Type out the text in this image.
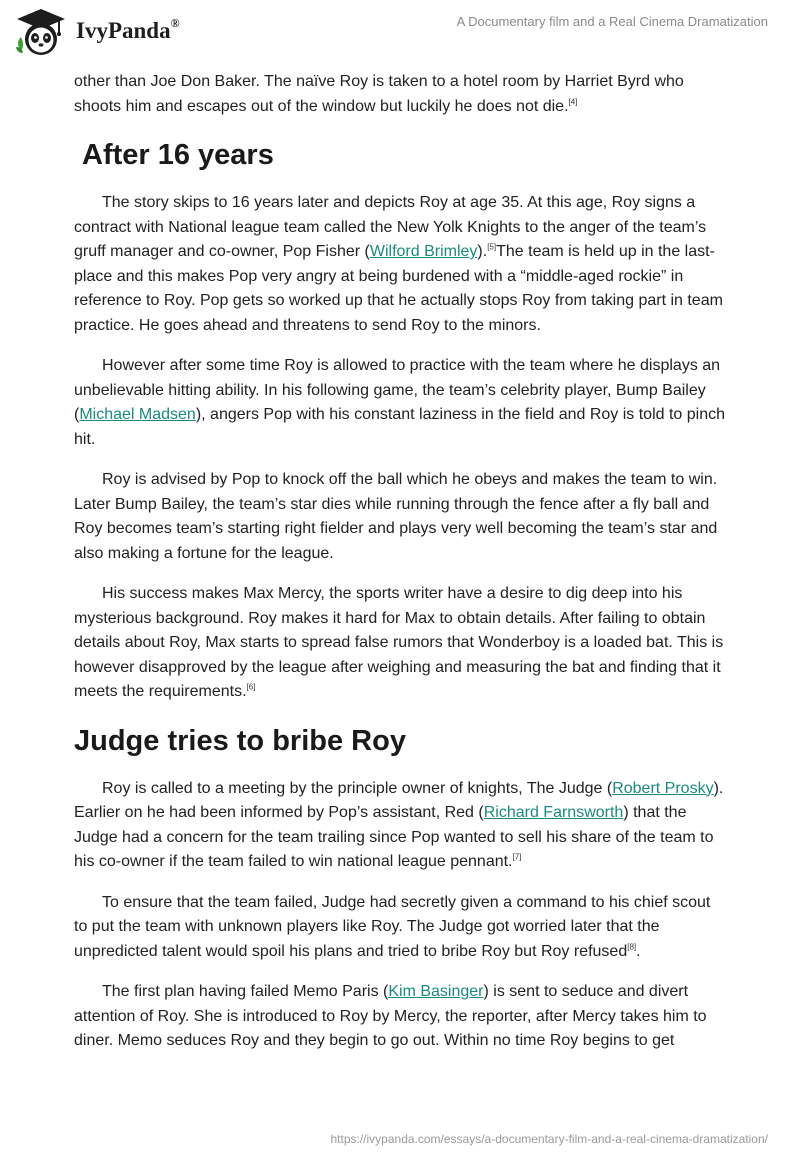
IvyPanda®	A Documentary film and a Real Cinema Dramatization

other than Joe Don Baker. The naïve Roy is taken to a hotel room by Harriet Byrd who shoots him and escapes out of the window but luckily he does not die.[4]

After 16 years

The story skips to 16 years later and depicts Roy at age 35. At this age, Roy signs a contract with National league team called the New Yolk Knights to the anger of the team’s gruff manager and co-owner, Pop Fisher (Wilford Brimley).[5]The team is held up in the last-place and this makes Pop very angry at being burdened with a “middle-aged rockie” in reference to Roy. Pop gets so worked up that he actually stops Roy from taking part in team practice. He goes ahead and threatens to send Roy to the minors.

However after some time Roy is allowed to practice with the team where he displays an unbelievable hitting ability. In his following game, the team’s celebrity player, Bump Bailey (Michael Madsen), angers Pop with his constant laziness in the field and Roy is told to pinch hit.

Roy is advised by Pop to knock off the ball which he obeys and makes the team to win. Later Bump Bailey, the team’s star dies while running through the fence after a fly ball and Roy becomes team’s starting right fielder and plays very well becoming the team’s star and also making a fortune for the league.

His success makes Max Mercy, the sports writer have a desire to dig deep into his mysterious background. Roy makes it hard for Max to obtain details. After failing to obtain details about Roy, Max starts to spread false rumors that Wonderboy is a loaded bat. This is however disapproved by the league after weighing and measuring the bat and finding that it meets the requirements.[6]

Judge tries to bribe Roy

Roy is called to a meeting by the principle owner of knights, The Judge (Robert Prosky). Earlier on he had been informed by Pop’s assistant, Red (Richard Farnsworth) that the Judge had a concern for the team trailing since Pop wanted to sell his share of the team to his co-owner if the team failed to win national league pennant.[7]

To ensure that the team failed, Judge had secretly given a command to his chief scout to put the team with unknown players like Roy. The Judge got worried later that the unpredicted talent would spoil his plans and tried to bribe Roy but Roy refused[8].

The first plan having failed Memo Paris (Kim Basinger) is sent to seduce and divert attention of Roy. She is introduced to Roy by Mercy, the reporter, after Mercy takes him to diner. Memo seduces Roy and they begin to go out. Within no time Roy begins to get

https://ivypanda.com/essays/a-documentary-film-and-a-real-cinema-dramatization/
